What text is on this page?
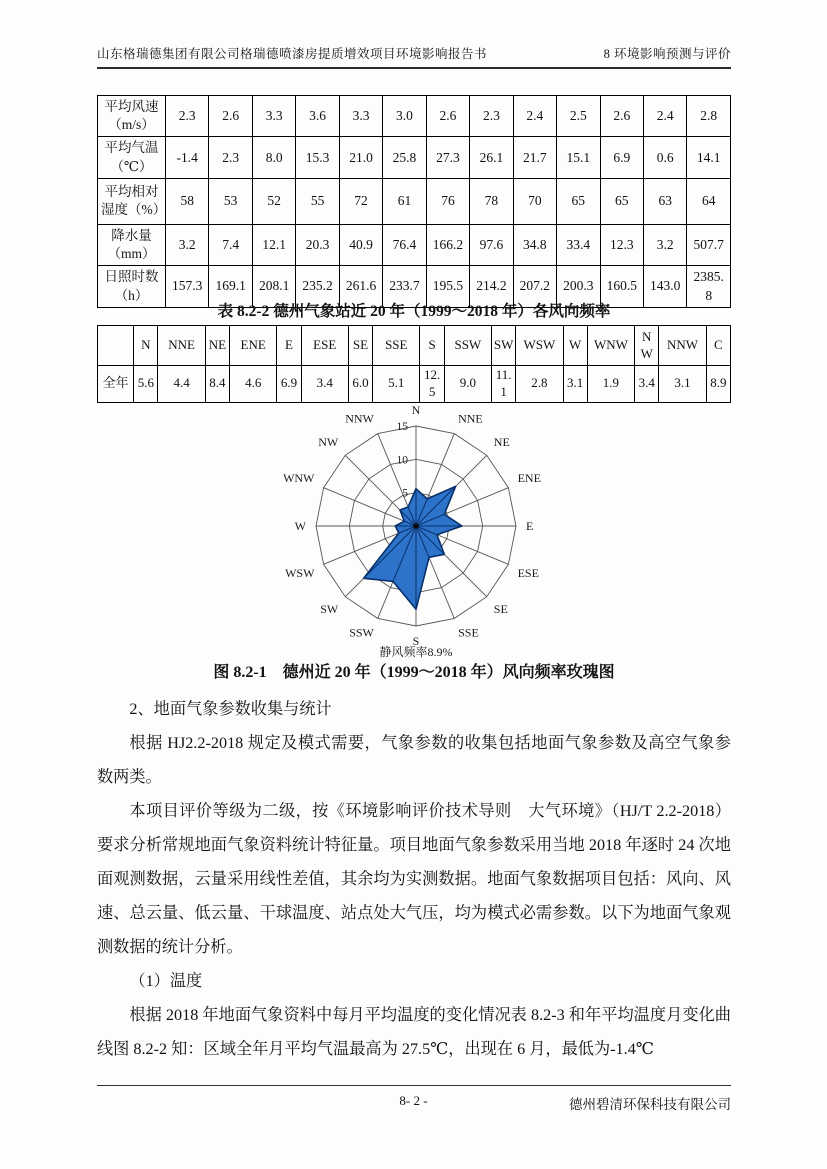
山东格瑞德集团有限公司格瑞德喷漆房提质增效项目环境影响报告书	8 环境影响预测与评价
平均风速（m/s）	2.3	2.6	3.3	3.6	3.3	3.0	2.6	2.3	2.4	2.5	2.6	2.4	2.8
平均气温（℃）	-1.4	2.3	8.0	15.3	21.0	25.8	27.3	26.1	21.7	15.1	6.9	0.6	14.1
平均相对湿度（%）	58	53	52	55	72	61	76	78	70	65	65	63	64
降水量（mm）	3.2	7.4	12.1	20.3	40.9	76.4	166.2	97.6	34.8	33.4	12.3	3.2	507.7
日照时数（h）	157.3	169.1	208.1	235.2	261.6	233.7	195.5	214.2	207.2	200.3	160.5	143.0	2385.8
表 8.2-2 德州气象站近 20 年（1999～2018 年）各风向频率
	N	NNE	NE	ENE	E	ESE	SE	SSE	S	SSW	SW	WSW	W	WNW	NW	NNW	C
全年	5.6	4.4	8.4	4.6	6.9	3.4	6.0	5.1	12.5	9.0	11.1	2.8	3.1	1.9	3.4	3.1	8.9
5
10
15
N
NNE
NE
ENE
E
ESE
SE
SSE
S
SSW
SW
WSW
W
WNW
NW
NNW
静风频率8.9%
图 8.2-1　德州近 20 年（1999～2018 年）风向频率玫瑰图

2、地面气象参数收集与统计

根据 HJ2.2-2018 规定及模式需要，气象参数的收集包括地面气象参数及高空气象参数两类。

本项目评价等级为二级，按《环境影响评价技术导则　大气环境》（HJ/T 2.2-2018）要求分析常规地面气象资料统计特征量。项目地面气象参数采用当地 2018 年逐时 24 次地面观测数据，云量采用线性差值，其余均为实测数据。地面气象数据项目包括：风向、风速、总云量、低云量、干球温度、站点处大气压，均为模式必需参数。以下为地面气象观测数据的统计分析。

（1）温度

根据 2018 年地面气象资料中每月平均温度的变化情况表 8.2-3 和年平均温度月变化曲线图 8.2-2 知：区域全年月平均气温最高为 27.5℃，出现在 6 月，最低为-1.4℃

8- 2 -	德州碧清环保科技有限公司
